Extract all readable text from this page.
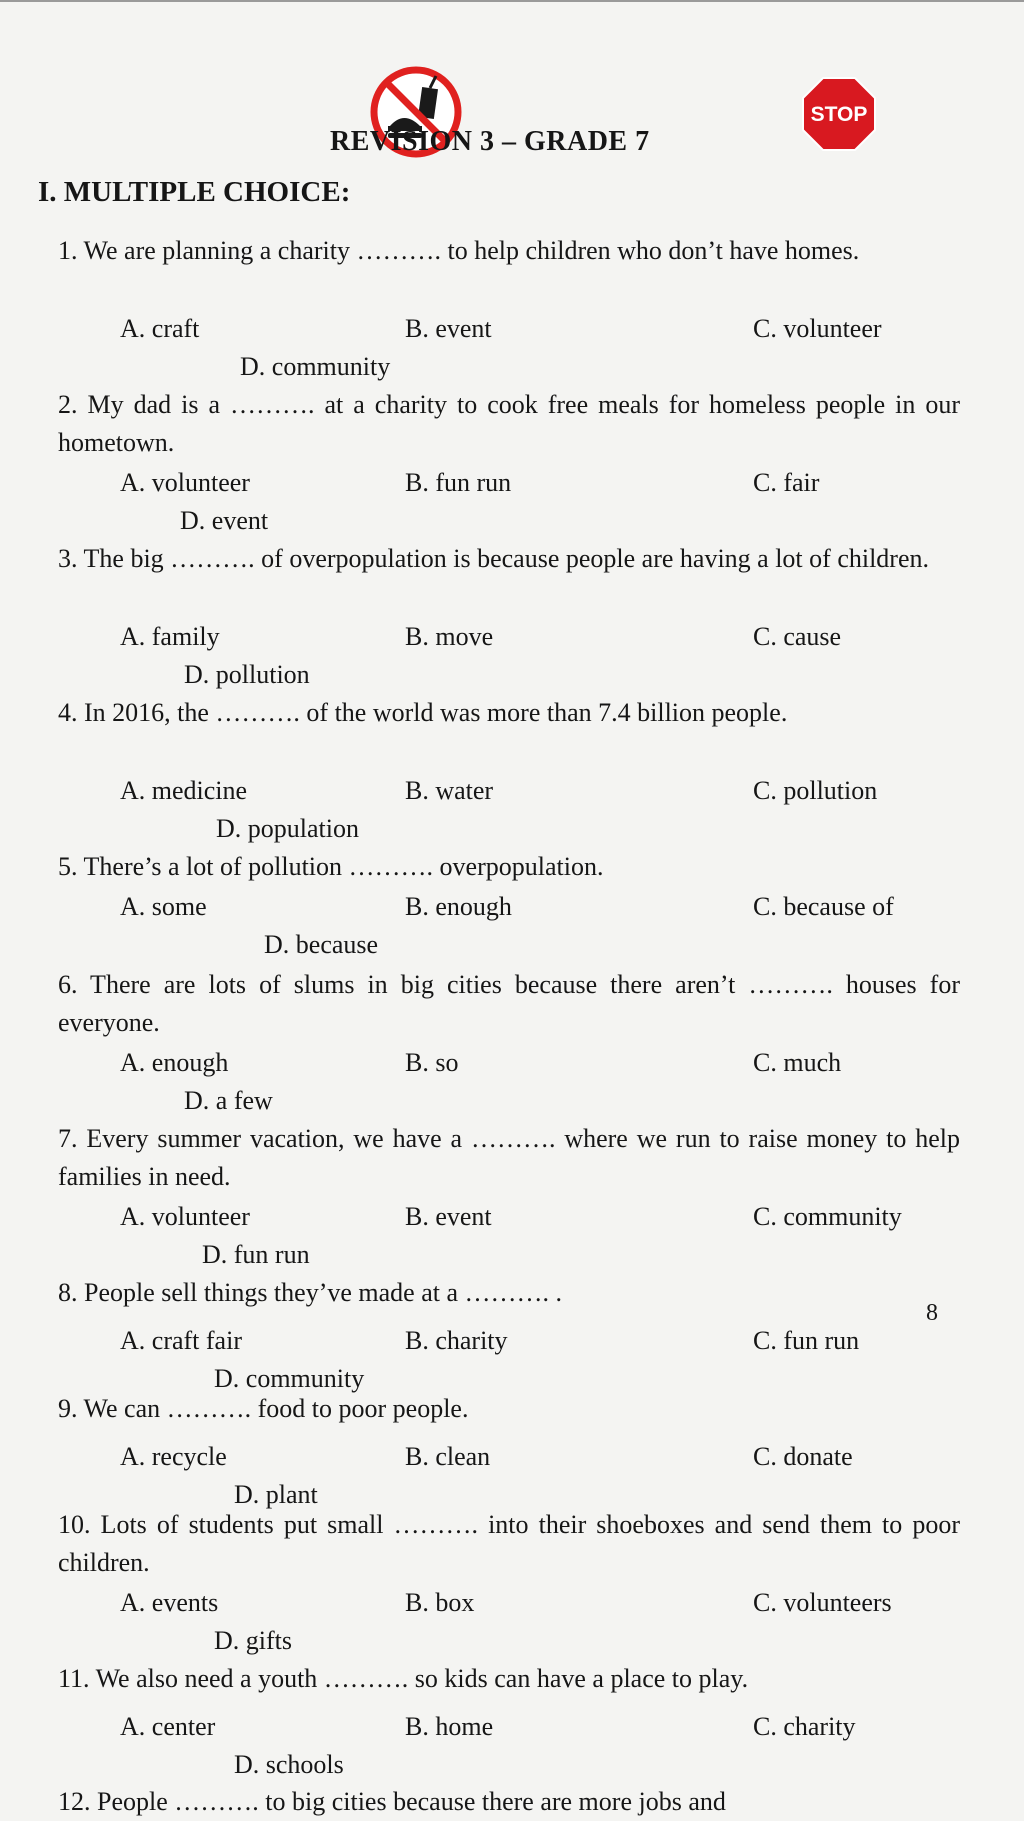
STOP
REVISION 3 – GRADE 7
I. MULTIPLE CHOICE:
8

1. We are planning a charity ………. to help children who don’t have homes.

A. craft	B. event	C. volunteer
D. community

2. My dad is a ………. at a charity to cook free meals for homeless people in our hometown.

A. volunteer	B. fun run	C. fair
D. event

3. The big ………. of overpopulation is because people are having a lot of children.

A. family	B. move	C. cause
D. pollution

4. In 2016, the ………. of the world was more than 7.4 billion people.

A. medicine	B. water	C. pollution
D. population

5. There’s a lot of pollution ………. overpopulation.

A. some	B. enough	C. because of
D. because

6. There are lots of slums in big cities because there aren’t ………. houses for everyone.

A. enough	B. so	C. much
D. a few

7. Every summer vacation, we have a ………. where we run to raise money to help families in need.

A. volunteer	B. event	C. community
D. fun run

8. People sell things they’ve made at a ………. .

A. craft fair	B. charity	C. fun run
D. community

9. We can ………. food to poor people.

A. recycle	B. clean	C. donate
D. plant

10. Lots of students put small ………. into their shoeboxes and send them to poor children.

A. events	B. box	C. volunteers
D. gifts

11. We also need a youth ………. so kids can have a place to play.

A. center	B. home	C. charity
D. schools

12. People ………. to big cities because there are more jobs and
